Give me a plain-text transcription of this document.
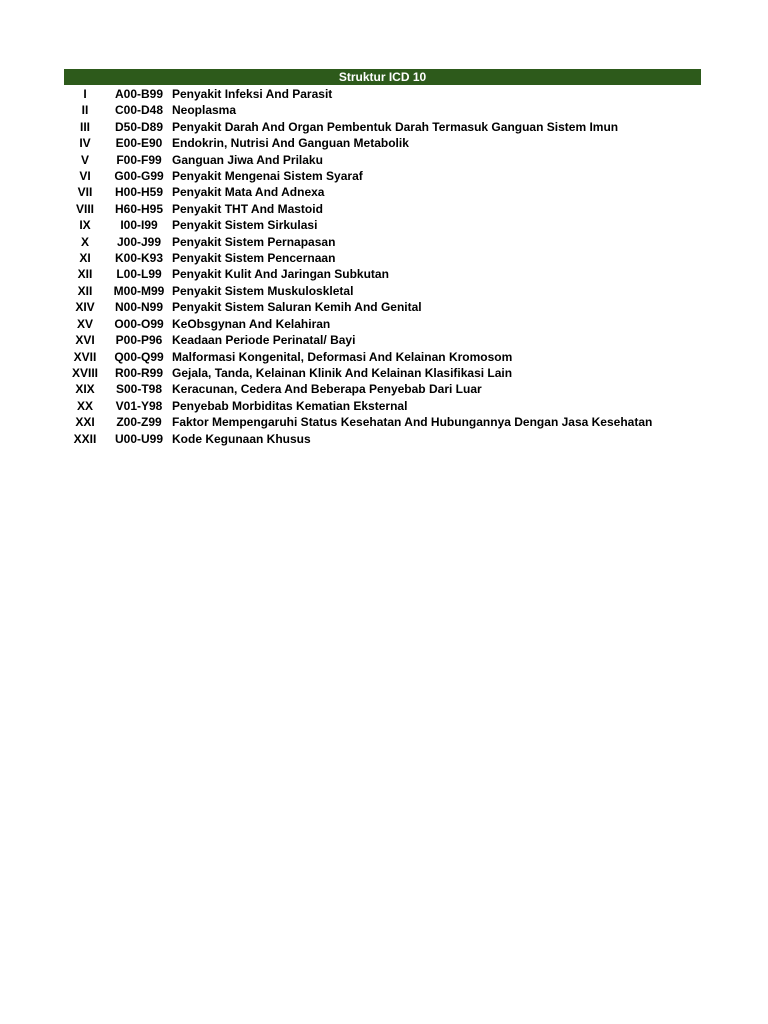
Struktur ICD 10
I	A00-B99	Penyakit Infeksi And Parasit
II	C00-D48	Neoplasma
III	D50-D89	Penyakit Darah And Organ Pembentuk Darah Termasuk Ganguan Sistem Imun
IV	E00-E90	Endokrin, Nutrisi And Ganguan Metabolik
V	F00-F99	Ganguan Jiwa And Prilaku
VI	G00-G99	Penyakit Mengenai Sistem Syaraf
VII	H00-H59	Penyakit Mata And Adnexa
VIII	H60-H95	Penyakit THT And Mastoid
IX	I00-I99	Penyakit Sistem Sirkulasi
X	J00-J99	Penyakit Sistem Pernapasan
XI	K00-K93	Penyakit Sistem Pencernaan
XII	L00-L99	Penyakit Kulit And Jaringan Subkutan
XII	M00-M99	Penyakit Sistem Muskuloskletal
XIV	N00-N99	Penyakit Sistem Saluran Kemih And Genital
XV	O00-O99	KeObsgynan And Kelahiran
XVI	P00-P96	Keadaan Periode Perinatal/ Bayi
XVII	Q00-Q99	Malformasi Kongenital, Deformasi And Kelainan Kromosom
XVIII	R00-R99	Gejala, Tanda, Kelainan Klinik And Kelainan Klasifikasi Lain
XIX	S00-T98	Keracunan, Cedera And Beberapa Penyebab Dari Luar
XX	V01-Y98	Penyebab Morbiditas Kematian Eksternal
XXI	Z00-Z99	Faktor Mempengaruhi Status Kesehatan And Hubungannya Dengan Jasa Kesehatan
XXII	U00-U99	Kode Kegunaan Khusus
